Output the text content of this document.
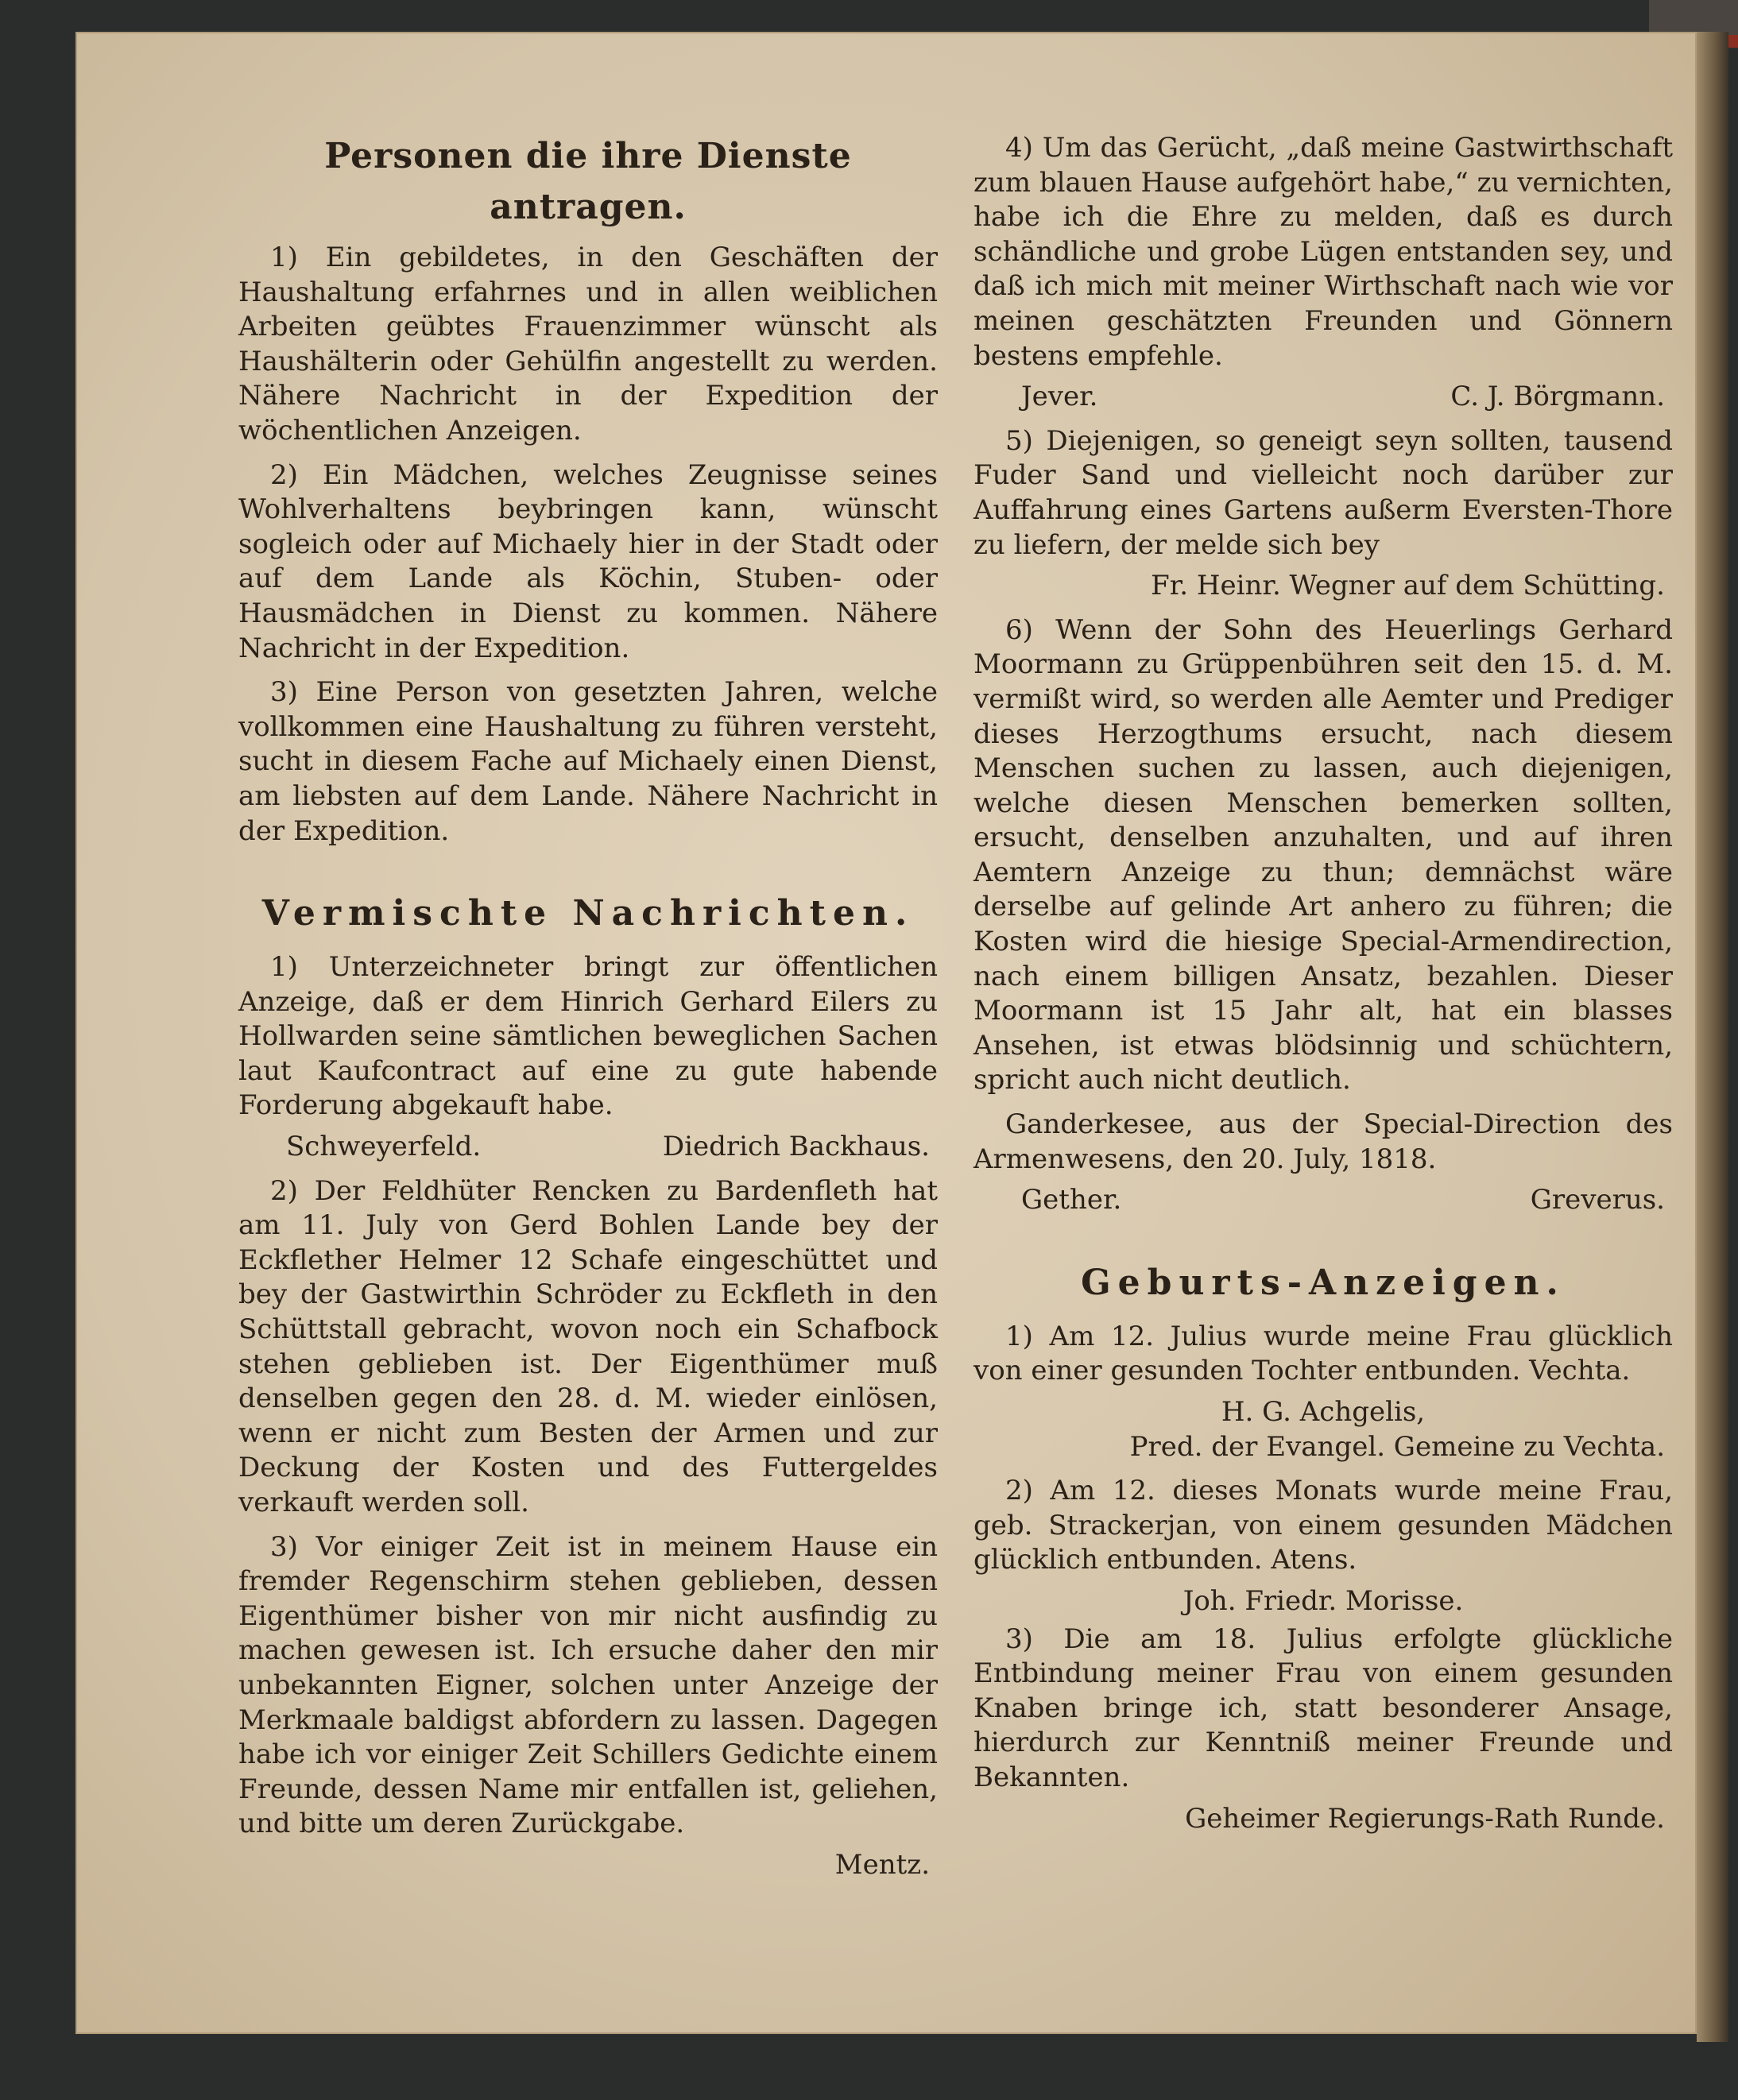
Personen die ihre Dienste antragen.

1) Ein gebildetes, in den Geschäften der Haushaltung erfahrnes und in allen weiblichen Arbeiten geübtes Frauenzimmer wünscht als Haushälterin oder Gehülfin angestellt zu werden. Nähere Nachricht in der Expedition der wöchentlichen Anzeigen.

2) Ein Mädchen, welches Zeugnisse seines Wohlverhaltens beybringen kann, wünscht sogleich oder auf Michaely hier in der Stadt oder auf dem Lande als Köchin, Stuben- oder Hausmädchen in Dienst zu kommen. Nähere Nachricht in der Expedition.

3) Eine Person von gesetzten Jahren, welche vollkommen eine Haushaltung zu führen versteht, sucht in diesem Fache auf Michaely einen Dienst, am liebsten auf dem Lande. Nähere Nachricht in der Expedition.

Vermischte Nachrichten.

1) Unterzeichneter bringt zur öffentlichen Anzeige, daß er dem Hinrich Gerhard Eilers zu Hollwarden seine sämtlichen beweglichen Sachen laut Kaufcontract auf eine zu gute habende Forderung abgekauft habe.

Schweyerfeld.	Diedrich Backhaus.

2) Der Feldhüter Rencken zu Bardenfleth hat am 11. July von Gerd Bohlen Lande bey der Eckflether Helmer 12 Schafe eingeschüttet und bey der Gastwirthin Schröder zu Eckfleth in den Schüttstall gebracht, wovon noch ein Schafbock stehen geblieben ist. Der Eigenthümer muß denselben gegen den 28. d. M. wieder einlösen, wenn er nicht zum Besten der Armen und zur Deckung der Kosten und des Futtergeldes verkauft werden soll.

3) Vor einiger Zeit ist in meinem Hause ein fremder Regenschirm stehen geblieben, dessen Eigenthümer bisher von mir nicht ausfindig zu machen gewesen ist. Ich ersuche daher den mir unbekannten Eigner, solchen unter Anzeige der Merkmaale baldigst abfordern zu lassen. Dagegen habe ich vor einiger Zeit Schillers Gedichte einem Freunde, dessen Name mir entfallen ist, geliehen, und bitte um deren Zurückgabe.

Mentz.

4) Um das Gerücht, „daß meine Gastwirthschaft zum blauen Hause aufgehört habe,“ zu vernichten, habe ich die Ehre zu melden, daß es durch schändliche und grobe Lügen entstanden sey, und daß ich mich mit meiner Wirthschaft nach wie vor meinen geschätzten Freunden und Gönnern bestens empfehle.

Jever.	C. J. Börgmann.

5) Diejenigen, so geneigt seyn sollten, tausend Fuder Sand und vielleicht noch darüber zur Auffahrung eines Gartens außerm Eversten-Thore zu liefern, der melde sich bey

Fr. Heinr. Wegner auf dem Schütting.

6) Wenn der Sohn des Heuerlings Gerhard Moormann zu Grüppenbühren seit den 15. d. M. vermißt wird, so werden alle Aemter und Prediger dieses Herzogthums ersucht, nach diesem Menschen suchen zu lassen, auch diejenigen, welche diesen Menschen bemerken sollten, ersucht, denselben anzuhalten, und auf ihren Aemtern Anzeige zu thun; demnächst wäre derselbe auf gelinde Art anhero zu führen; die Kosten wird die hiesige Special-Armendirection, nach einem billigen Ansatz, bezahlen. Dieser Moormann ist 15 Jahr alt, hat ein blasses Ansehen, ist etwas blödsinnig und schüchtern, spricht auch nicht deutlich.

Ganderkesee, aus der Special-Direction des Armenwesens, den 20. July, 1818.

Gether.	Greverus.
Geburts-Anzeigen.

1) Am 12. Julius wurde meine Frau glücklich von einer gesunden Tochter entbunden. Vechta.

H. G. Achgelis,
Pred. der Evangel. Gemeine zu Vechta.

2) Am 12. dieses Monats wurde meine Frau, geb. Strackerjan, von einem gesunden Mädchen glücklich entbunden. Atens.

Joh. Friedr. Morisse.

3) Die am 18. Julius erfolgte glückliche Entbindung meiner Frau von einem gesunden Knaben bringe ich, statt besonderer Ansage, hierdurch zur Kenntniß meiner Freunde und Bekannten.

Geheimer Regierungs-Rath Runde.
